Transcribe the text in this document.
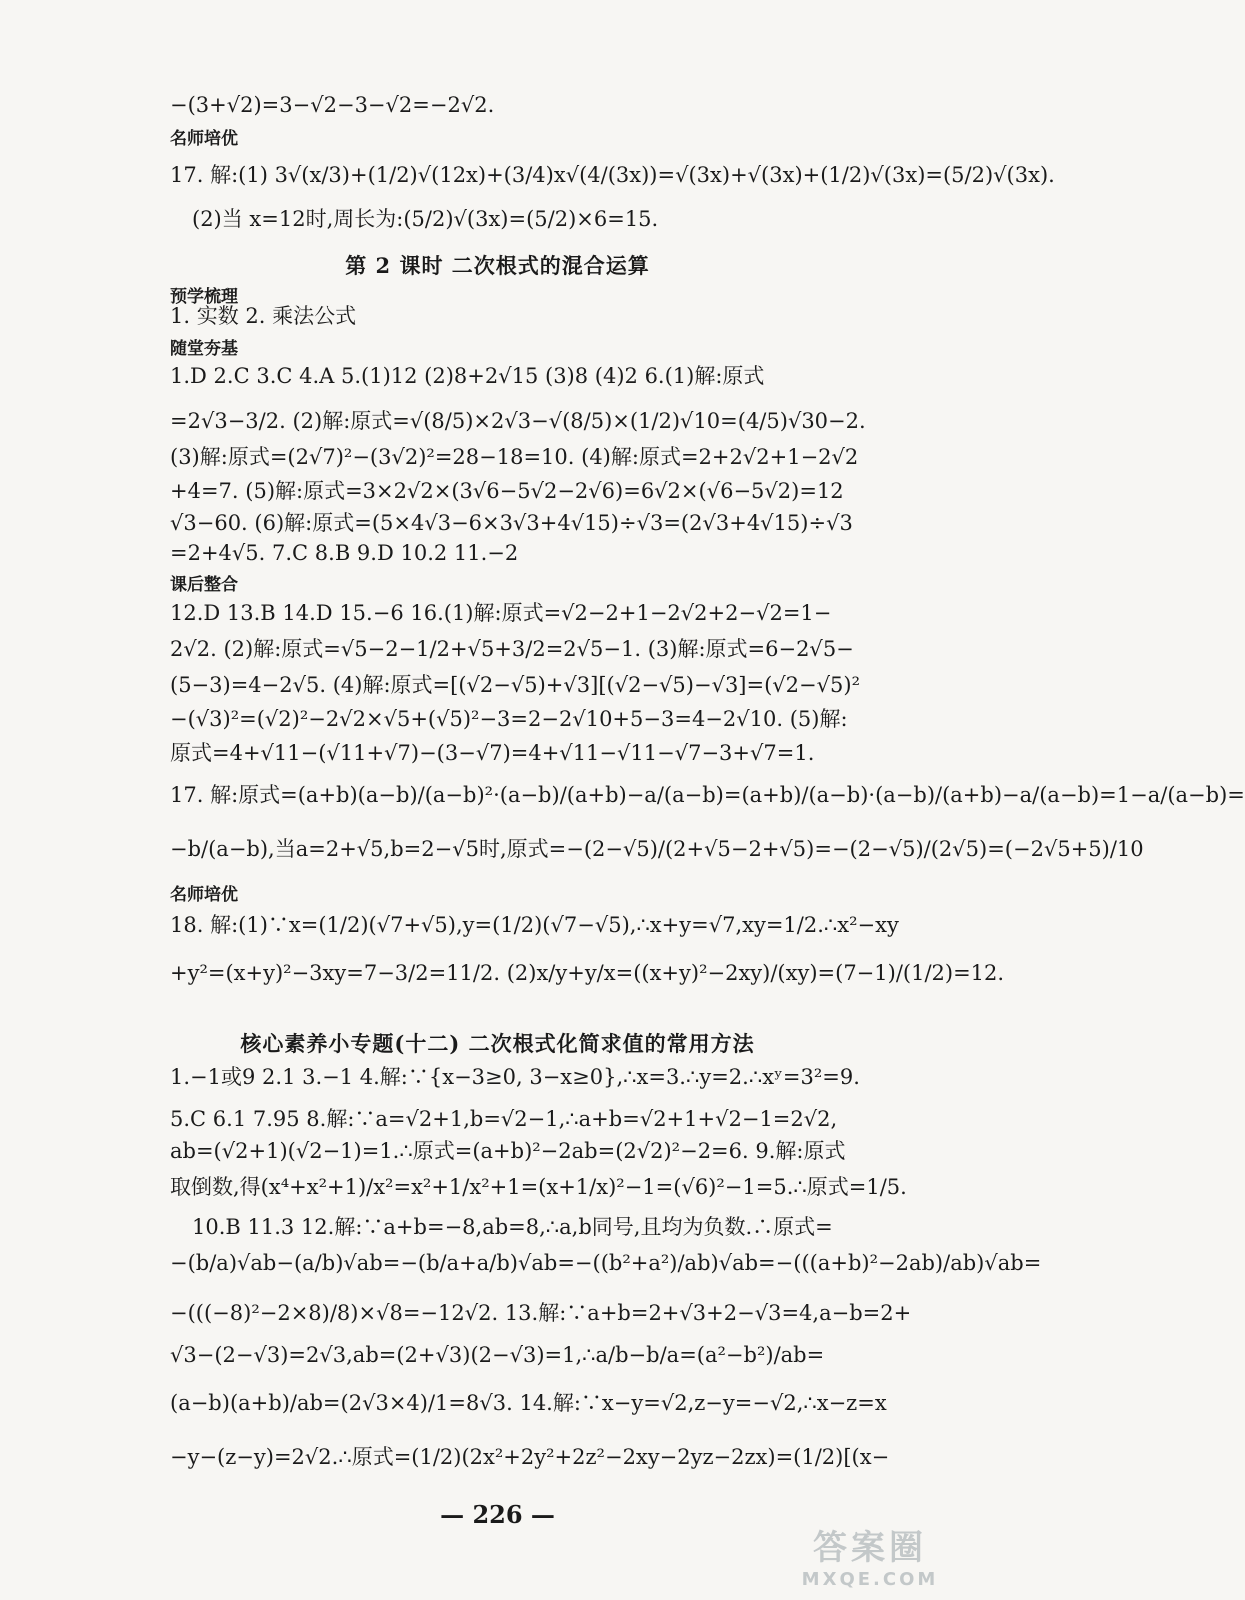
−(3+√2)=3−√2−3−√2=−2√2.
名师培优
17. 解:(1) 3√(x/3)+(1/2)√(12x)+(3/4)x√(4/(3x))=√(3x)+√(3x)+(1/2)√(3x)=(5/2)√(3x).
(2)当 x=12时,周长为:(5/2)√(3x)=(5/2)×6=15.
第 2 课时 二次根式的混合运算
预学梳理
1. 实数 2. 乘法公式
随堂夯基
1.D 2.C 3.C 4.A 5.(1)12 (2)8+2√15 (3)8 (4)2 6.(1)解:原式
=2√3−3/2. (2)解:原式=√(8/5)×2√3−√(8/5)×(1/2)√10=(4/5)√30−2.
(3)解:原式=(2√7)²−(3√2)²=28−18=10. (4)解:原式=2+2√2+1−2√2
+4=7. (5)解:原式=3×2√2×(3√6−5√2−2√6)=6√2×(√6−5√2)=12
√3−60. (6)解:原式=(5×4√3−6×3√3+4√15)÷√3=(2√3+4√15)÷√3
=2+4√5. 7.C 8.B 9.D 10.2 11.−2
课后整合
12.D 13.B 14.D 15.−6 16.(1)解:原式=√2−2+1−2√2+2−√2=1−
2√2. (2)解:原式=√5−2−1/2+√5+3/2=2√5−1. (3)解:原式=6−2√5−
(5−3)=4−2√5. (4)解:原式=[(√2−√5)+√3][(√2−√5)−√3]=(√2−√5)²
−(√3)²=(√2)²−2√2×√5+(√5)²−3=2−2√10+5−3=4−2√10. (5)解:
原式=4+√11−(√11+√7)−(3−√7)=4+√11−√11−√7−3+√7=1.
17. 解:原式=(a+b)(a−b)/(a−b)²·(a−b)/(a+b)−a/(a−b)=(a+b)/(a−b)·(a−b)/(a+b)−a/(a−b)=1−a/(a−b)=
−b/(a−b),当a=2+√5,b=2−√5时,原式=−(2−√5)/(2+√5−2+√5)=−(2−√5)/(2√5)=(−2√5+5)/10
名师培优
18. 解:(1)∵x=(1/2)(√7+√5),y=(1/2)(√7−√5),∴x+y=√7,xy=1/2.∴x²−xy
+y²=(x+y)²−3xy=7−3/2=11/2. (2)x/y+y/x=((x+y)²−2xy)/(xy)=(7−1)/(1/2)=12.
核心素养小专题(十二) 二次根式化简求值的常用方法
1.−1或9 2.1 3.−1 4.解:∵{x−3≥0, 3−x≥0},∴x=3.∴y=2.∴xʸ=3²=9.
5.C 6.1 7.95 8.解:∵a=√2+1,b=√2−1,∴a+b=√2+1+√2−1=2√2,
ab=(√2+1)(√2−1)=1.∴原式=(a+b)²−2ab=(2√2)²−2=6. 9.解:原式
取倒数,得(x⁴+x²+1)/x²=x²+1/x²+1=(x+1/x)²−1=(√6)²−1=5.∴原式=1/5.
10.B 11.3 12.解:∵a+b=−8,ab=8,∴a,b同号,且均为负数.∴原式=
−(b/a)√ab−(a/b)√ab=−(b/a+a/b)√ab=−((b²+a²)/ab)√ab=−(((a+b)²−2ab)/ab)√ab=
−(((−8)²−2×8)/8)×√8=−12√2. 13.解:∵a+b=2+√3+2−√3=4,a−b=2+
√3−(2−√3)=2√3,ab=(2+√3)(2−√3)=1,∴a/b−b/a=(a²−b²)/ab=
(a−b)(a+b)/ab=(2√3×4)/1=8√3. 14.解:∵x−y=√2,z−y=−√2,∴x−z=x
−y−(z−y)=2√2.∴原式=(1/2)(2x²+2y²+2z²−2xy−2yz−2zx)=(1/2)[(x−
— 226 —
答案圈
MXQE.COM
